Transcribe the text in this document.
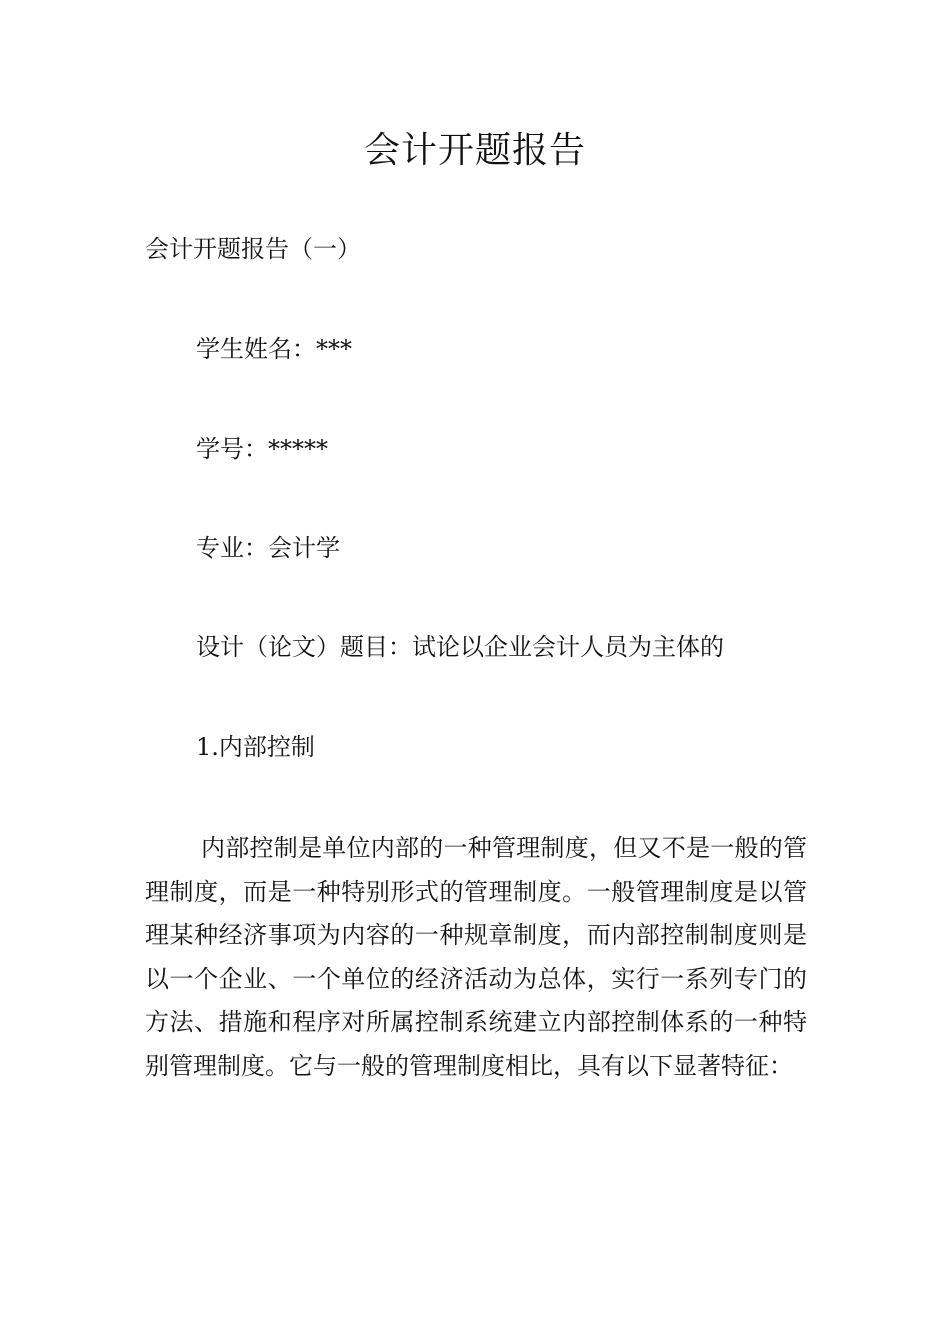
会计开题报告

会计开题报告（一）

学生姓名：***

学号：*****

专业：会计学

设计（论文）题目：试论以企业会计人员为主体的

1.内部控制

内部控制是单位内部的一种管理制度，但又不是一般的管理制度，而是一种特别形式的管理制度。一般管理制度是以管理某种经济事项为内容的一种规章制度，而内部控制制度则是以一个企业、一个单位的经济活动为总体，实行一系列专门的方法、措施和程序对所属控制系统建立内部控制体系的一种特别管理制度。它与一般的管理制度相比，具有以下显著特征：
